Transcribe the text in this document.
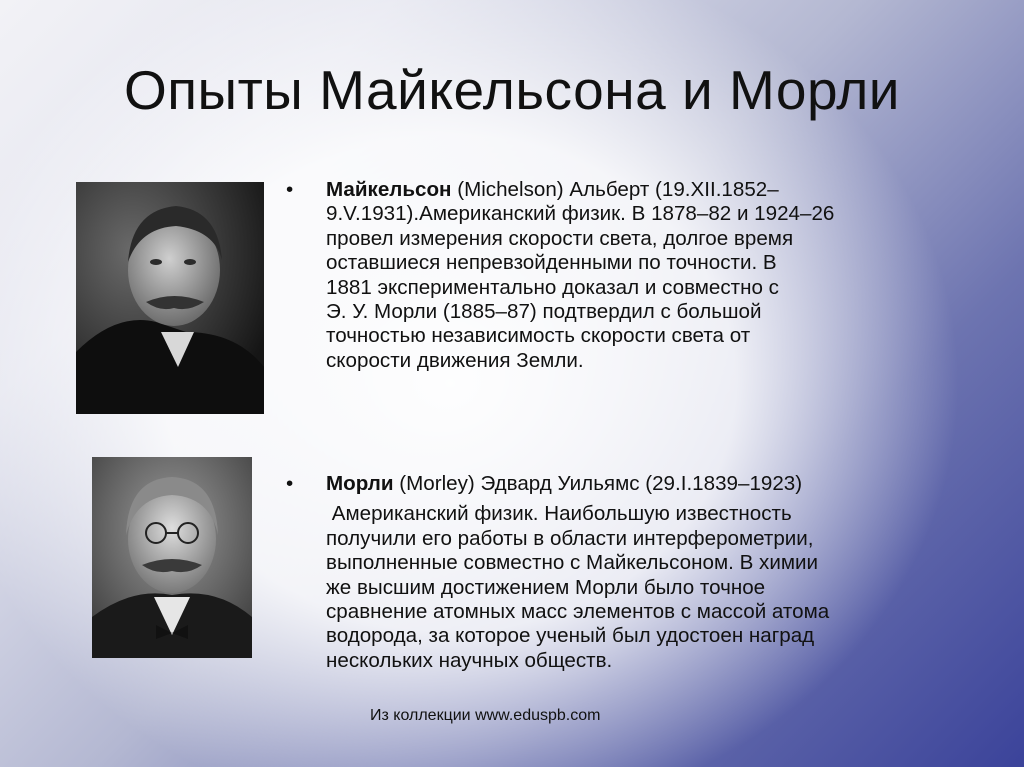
Опыты Майкельсона и Морли
•	Майкельсон (Michelson) Альберт (19.XII.1852–
9.V.1931).Американский физик. В 1878–82 и 1924–26
провел измерения скорости света, долгое время
оставшиеся непревзойденными по точности. В
1881 экспериментально доказал и совместно с
Э. У. Морли (1885–87) подтвердил с большой
точностью независимость скорости света от
скорости движения Земли.
•	Морли (Morley) Эдвард Уильямс (29.I.1839–1923)
Американский физик. Наибольшую известность
получили его работы в области интерферометрии,
выполненные совместно с Майкельсоном. В химии
же высшим достижением Морли было точное
сравнение атомных масс элементов с массой атома
водорода, за которое ученый был удостоен наград
нескольких научных обществ.
Из коллекции www.eduspb.com
